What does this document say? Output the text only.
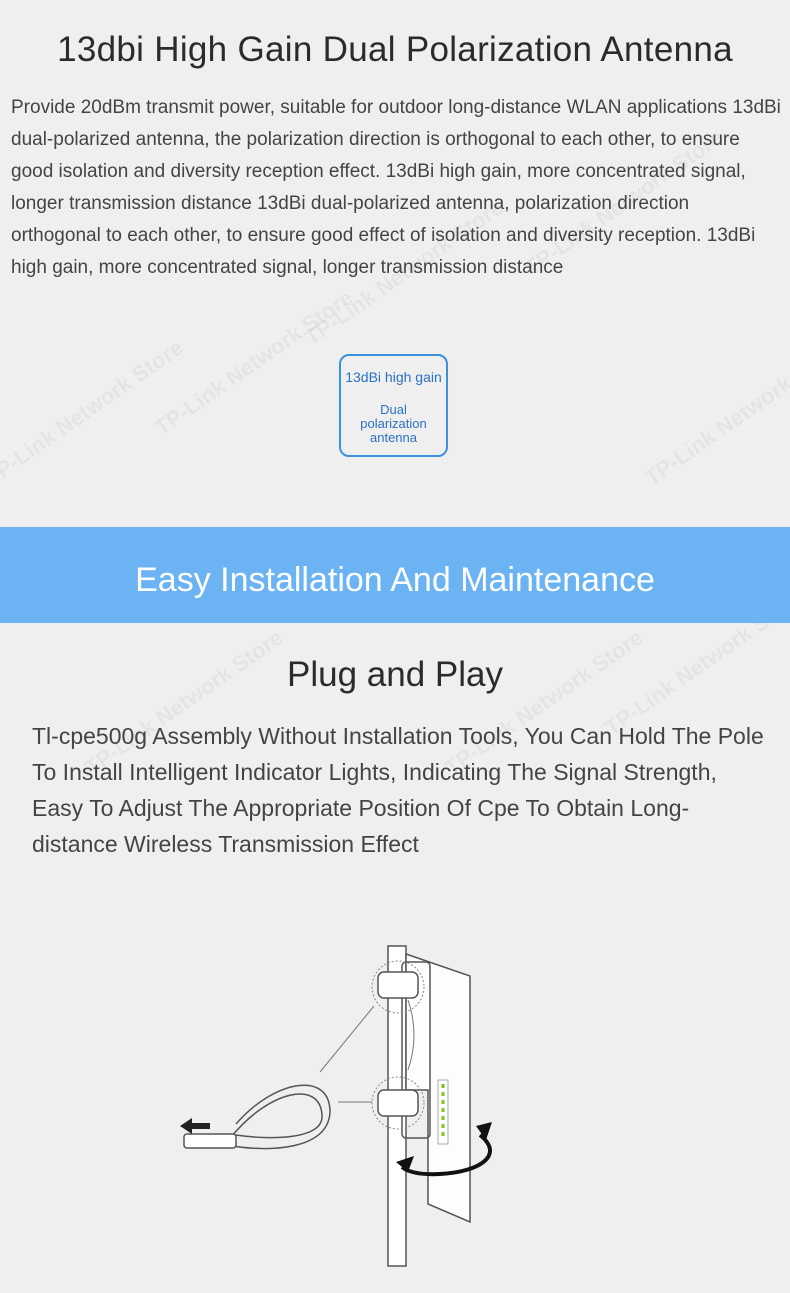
13dbi High Gain Dual Polarization Antenna

Provide 20dBm transmit power, suitable for outdoor long-distance WLAN applications 13dBi dual-polarized antenna, the polarization direction is orthogonal to each other, to ensure good isolation and diversity reception effect. 13dBi high gain, more concentrated signal, longer transmission distance 13dBi dual-polarized antenna, polarization direction orthogonal to each other, to ensure good effect of isolation and diversity reception. 13dBi high gain, more concentrated signal, longer transmission distance

13dBi high gain
Dual polarization antenna
Easy Installation And Maintenance
Plug and Play

Tl-cpe500g Assembly Without Installation Tools, You Can Hold The Pole To Install Intelligent Indicator Lights, Indicating The Signal Strength, Easy To Adjust The Appropriate Position Of Cpe To Obtain Long-distance Wireless Transmission Effect
